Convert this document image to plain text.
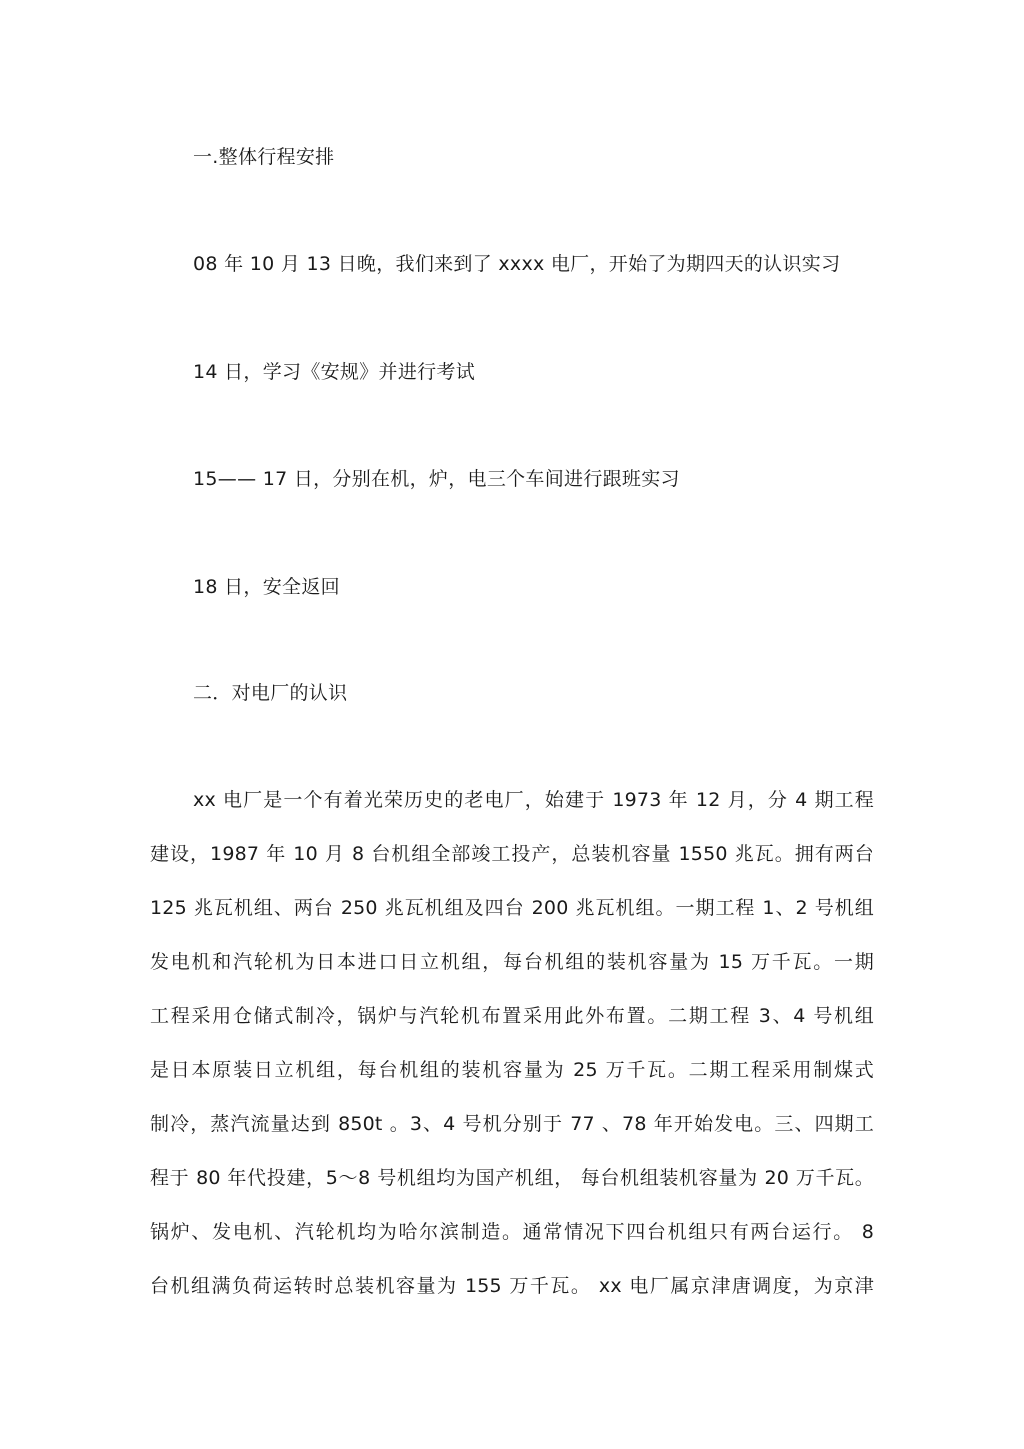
一.整体行程安排
08 年 10 月 13 日晚，我们来到了 xxxx 电厂，开始了为期四天的认识实习
14 日，学习《安规》并进行考试
15—— 17 日，分别在机，炉，电三个车间进行跟班实习
18 日，安全返回
二．对电厂的认识
xx 电厂是一个有着光荣历史的老电厂，始建于 1973 年 12 月，分 4 期工程
建设，1987 年 10 月 8 台机组全部竣工投产，总装机容量 1550 兆瓦。拥有两台
125 兆瓦机组、两台 250 兆瓦机组及四台 200 兆瓦机组。一期工程 1、2 号机组
发电机和汽轮机为日本进口日立机组，每台机组的装机容量为 15 万千瓦。一期
工程采用仓储式制冷，锅炉与汽轮机布置采用此外布置。二期工程 3、4 号机组
是日本原装日立机组，每台机组的装机容量为 25 万千瓦。二期工程采用制煤式
制冷，蒸汽流量达到 850t 。3、4 号机分别于 77 、78 年开始发电。三、四期工
程于 80 年代投建，5～8 号机组均为国产机组， 每台机组装机容量为 20 万千瓦。
锅炉、发电机、汽轮机均为哈尔滨制造。通常情况下四台机组只有两台运行。 8
台机组满负荷运转时总装机容量为 155 万千瓦。 xx 电厂属京津唐调度，为京津
